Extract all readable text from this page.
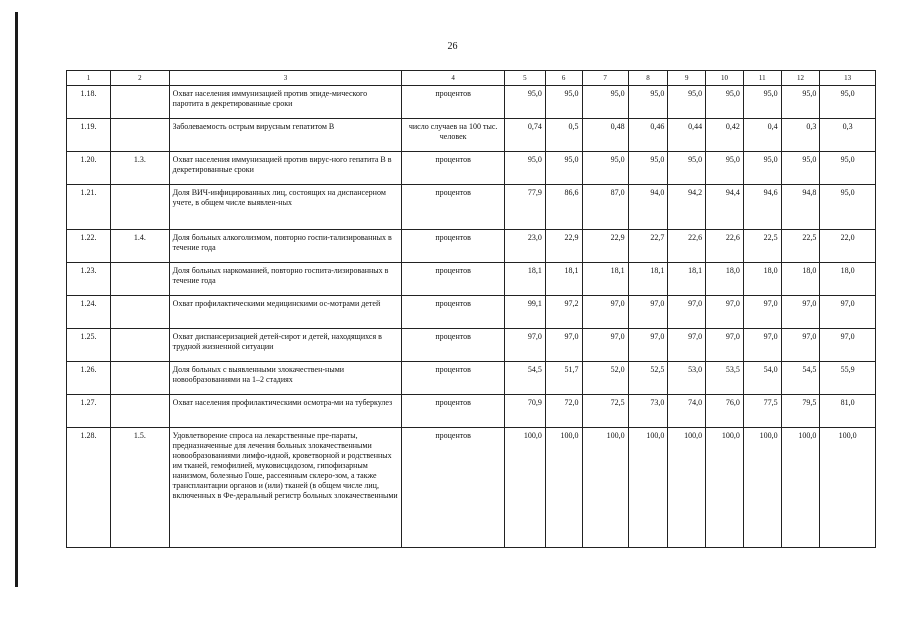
26
1	2	3	4	5	6	7	8	9	10	11	12	13
1.18.		Охват населения иммунизацией против эпиде-мического паротита в декретированные сроки	процентов	95,0	95,0	95,0	95,0	95,0	95,0	95,0	95,0	95,0
1.19.		Заболеваемость острым вирусным гепатитом В	число случаев на 100 тыс. человек	0,74	0,5	0,48	0,46	0,44	0,42	0,4	0,3	0,3
1.20.	1.3.	Охват населения иммунизацией против вирус-ного гепатита В в декретированные сроки	процентов	95,0	95,0	95,0	95,0	95,0	95,0	95,0	95,0	95,0
1.21.		Доля ВИЧ-инфицированных лиц, состоящих на диспансерном учете, в общем числе выявлен-ных	процентов	77,9	86,6	87,0	94,0	94,2	94,4	94,6	94,8	95,0
1.22.	1.4.	Доля больных алкоголизмом, повторно госпи-тализированных в течение года	процентов	23,0	22,9	22,9	22,7	22,6	22,6	22,5	22,5	22,0
1.23.		Доля больных наркоманией, повторно госпита-лизированных в течение года	процентов	18,1	18,1	18,1	18,1	18,1	18,0	18,0	18,0	18,0
1.24.		Охват профилактическими медицинскими ос-мотрами детей	процентов	99,1	97,2	97,0	97,0	97,0	97,0	97,0	97,0	97,0
1.25.		Охват диспансеризацией детей-сирот и детей, находящихся в трудной жизненной ситуации	процентов	97,0	97,0	97,0	97,0	97,0	97,0	97,0	97,0	97,0
1.26.		Доля больных с выявленными злокачествен-ными новообразованиями на 1–2 стадиях	процентов	54,5	51,7	52,0	52,5	53,0	53,5	54,0	54,5	55,9
1.27.		Охват населения профилактическими осмотра-ми на туберкулез	процентов	70,9	72,0	72,5	73,0	74,0	76,0	77,5	79,5	81,0
1.28.	1.5.	Удовлетворение спроса на лекарственные пре-параты, предназначенные для лечения больных злокачественными новообразованиями лимфо-идной, кроветворной и родственных им тканей, гемофилией, муковисцидозом, гипофизарным нанизмом, болезнью Гоше, рассеянным склеро-зом, а также трансплантации органов и (или) тканей (в общем числе лиц, включенных в Фе-деральный регистр больных злокачественными	процентов	100,0	100,0	100,0	100,0	100,0	100,0	100,0	100,0	100,0
